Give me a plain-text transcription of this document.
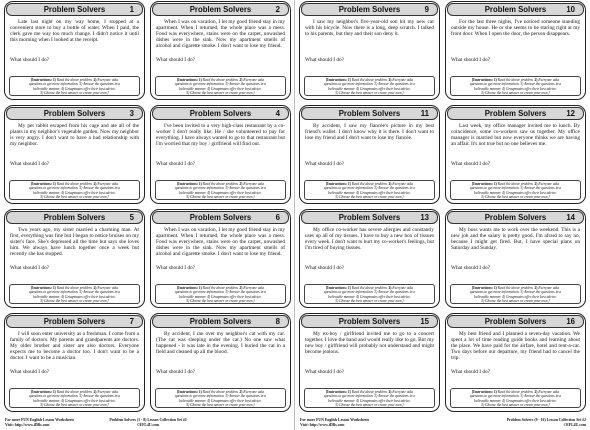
Problem Solvers	1
Late last night on my way home, I stopped at a convenient store to buy a bottle of water. When I paid, the clerk gave me way too much change. I didn't notice it until this morning when I looked at the receipt.
What should I do?
[Instructions: 1) Read the above problem. 2) Everyone asks
questions to get more information. 3) Answer the questions in a
believable manner. 4) Groupmates offer their best advice.
5) Choose the best answer or create your own.]
Problem Solvers	2
When I was on vacation, I let my good friend stay in my apartment. When I returned, the whole place was a mess. Food was everywhere, stains were on the carpet, unwashed dishes were in the sink. Now my apartment smells of alcohol and cigarette smoke. I don't want to lose my friend.
What should I do?
[Instructions: 1) Read the above problem. 2) Everyone asks
questions to get more information. 3) Answer the questions in a
believable manner. 4) Groupmates offer their best advice.
5) Choose the best answer or create your own.]
Problem Solvers	3
My pet rabbit escaped from his cage and ate all of the plants in my neighbor's vegetable garden. Now my neighbor is very angry. I don't want to have a bad relationship with my neighbor.
What should I do?
[Instructions: 1) Read the above problem. 2) Everyone asks
questions to get more information. 3) Answer the questions in a
believable manner. 4) Groupmates offer their best advice.
5) Choose the best answer or create your own.]
Problem Solvers	4
I've been invited to a very high-class restaurant by a co-worker I don't really like. He / she volunteered to pay for everything. I have always wanted to go to that restaurant but I'm worried that my boy / girlfriend will find out.
What should I do?
[Instructions: 1) Read the above problem. 2) Everyone asks
questions to get more information. 3) Answer the questions in a
believable manner. 4) Groupmates offer their best advice.
5) Choose the best answer or create your own.]
Problem Solvers	5
Two years ago, my sister married a charming man. At first, everything was fine but I began to notice bruises on my sister's face. She's depressed all the time but says she loves him. We always have lunch together once a week but recently she has stopped.
What should I do?
[Instructions: 1) Read the above problem. 2) Everyone asks
questions to get more information. 3) Answer the questions in a
believable manner. 4) Groupmates offer their best advice.
5) Choose the best answer or create your own.]
Problem Solvers	6
When I was on vacation, I let my good friend stay in my apartment. When I returned, the whole place was a mess. Food was everywhere, stains were on the carpet, unwashed dishes were in the sink. Now my apartment smells of alcohol and cigarette smoke. I don't want to lose my friend.
What should I do?
[Instructions: 1) Read the above problem. 2) Everyone asks
questions to get more information. 3) Answer the questions in a
believable manner. 4) Groupmates offer their best advice.
5) Choose the best answer or create your own.]
Problem Solvers	7
I will soon enter university as a freshman. I come from a family of doctors. My parents and grandparents are doctors. My older brother and sister are also doctors. Everyone expects me to become a doctor too. I don't want to be a doctor. I want to be a musician.
What should I do?
[Instructions: 1) Read the above problem. 2) Everyone asks
questions to get more information. 3) Answer the questions in a
believable manner. 4) Groupmates offer their best advice.
5) Choose the best answer or create your own.]
Problem Solvers	8
By accident, I ran over my neighbor's cat with my car. (The cat was sleeping under the car.) No one saw what happened - it was late in the evening. I buried the cat in a field and cleaned up all the blood.
What should I do?
[Instructions: 1) Read the above problem. 2) Everyone asks
questions to get more information. 3) Answer the questions in a
believable manner. 4) Groupmates offer their best advice.
5) Choose the best answer or create your own.]
For more FUN English Lesson Worksheets
Visit: http://www.iDRs.com
Problem Solvers (1 - 8) Lesson Collection Set #2
©EFL4U.com
Problem Solvers	9
I saw my neighbor's five-year-old son hit my new car with his bicycle. Now there is a long, deep scratch. I talked to his parents, but they and their son deny it.
What should I do?
[Instructions: 1) Read the above problem. 2) Everyone asks
questions to get more information. 3) Answer the questions in a
believable manner. 4) Groupmates offer their best advice.
5) Choose the best answer or create your own.]
Problem Solvers	10
For the last three nights, I've noticed someone standing outside my house. He or she seems to be staring right at my front door. When I open the door, the person disappears.
What should I do?
[Instructions: 1) Read the above problem. 2) Everyone asks
questions to get more information. 3) Answer the questions in a
believable manner. 4) Groupmates offer their best advice.
5) Choose the best answer or create your own.]
Problem Solvers	11
By accident, I saw my fiancée's picture in my best friend's wallet. I don't know why it is there. I don't want to lose my friend and I don't want to lose my fiancée.
What should I do?
[Instructions: 1) Read the above problem. 2) Everyone asks
questions to get more information. 3) Answer the questions in a
believable manner. 4) Groupmates offer their best advice.
5) Choose the best answer or create your own.]
Problem Solvers	12
Last week, my office manager invited me to lunch. By coincidence, some co-workers saw us together. My office manager is married but now everyone thinks we are having an affair. It's not true but no one believes me.
What should I do?
[Instructions: 1) Read the above problem. 2) Everyone asks
questions to get more information. 3) Answer the questions in a
believable manner. 4) Groupmates offer their best advice.
5) Choose the best answer or create your own.]
Problem Solvers	13
My office co-worker has severe allergies and constantly uses up all of my tissues. I have to buy a new box of tissues every week. I don't want to hurt my co-worker's feelings, but I'm tired of buying tissues.
What should I do?
[Instructions: 1) Read the above problem. 2) Everyone asks
questions to get more information. 3) Answer the questions in a
believable manner. 4) Groupmates offer their best advice.
5) Choose the best answer or create your own.]
Problem Solvers	14
My boss wants me to work over the weekend. This is a new job and the salary is pretty good. I'm afraid to say no, because I might get fired. But, I have special plans on Saturday and Sunday.
What should I do?
[Instructions: 1) Read the above problem. 2) Everyone asks
questions to get more information. 3) Answer the questions in a
believable manner. 4) Groupmates offer their best advice.
5) Choose the best answer or create your own.]
Problem Solvers	15
My ex-boy / girlfriend invited me to go to a concert together. I love the band and would really like to go. But my new boy / girlfriend will probably not understand and might become jealous.
What should I do?
[Instructions: 1) Read the above problem. 2) Everyone asks
questions to get more information. 3) Answer the questions in a
believable manner. 4) Groupmates offer their best advice.
5) Choose the best answer or create your own.]
Problem Solvers	16
My best friend and I planned a seven-day vacation. We spent a lot of time reading guide books and learning about the place. We have paid for the airfare, hotel and rent-a-car. Two days before our departure, my friend had to cancel the trip.
What should I do?
[Instructions: 1) Read the above problem. 2) Everyone asks
questions to get more information. 3) Answer the questions in a
believable manner. 4) Groupmates offer their best advice.
5) Choose the best answer or create your own.]
For more FUN English Lesson Worksheets
Visit: http://www.iDRs.com
Problem Solvers (9 - 16) Lesson Collection Set #2
©EFL4U.com
